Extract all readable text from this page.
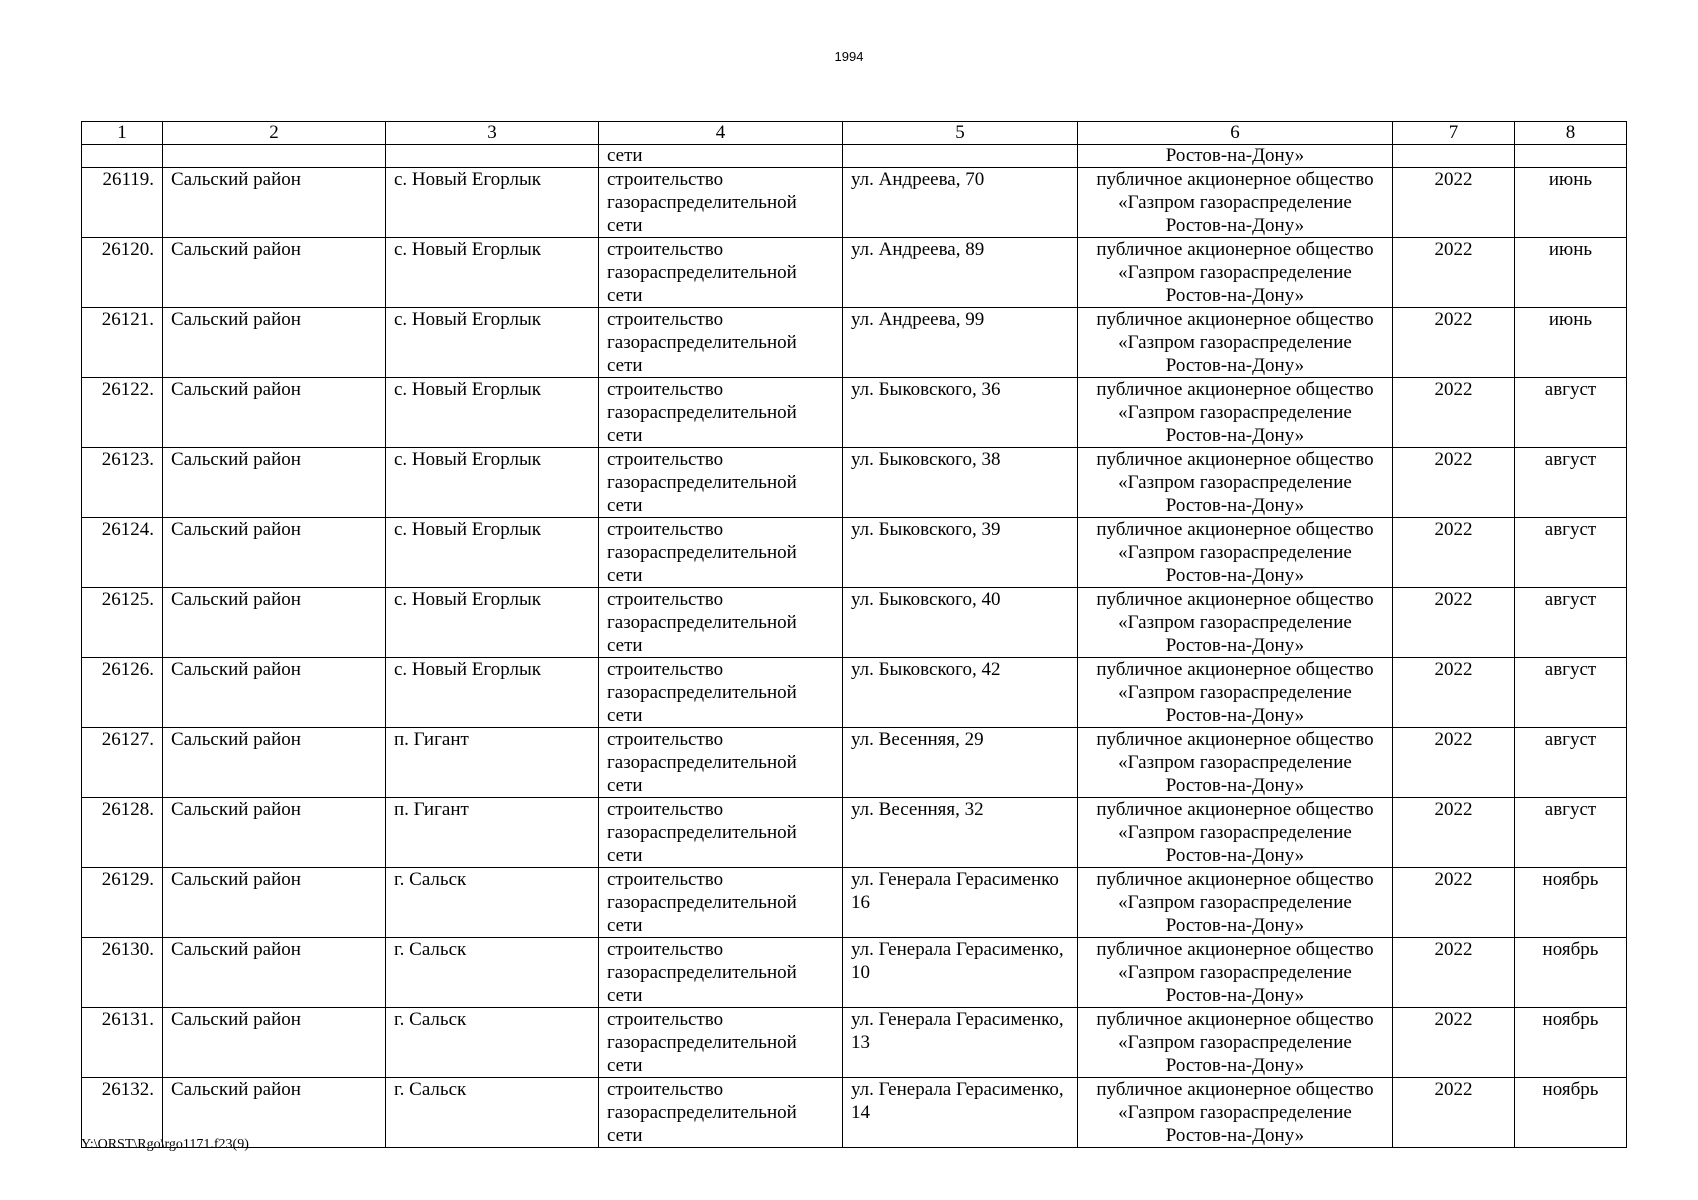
1994
1	2	3	4	5	6	7	8
			сети		Ростов-на-Дону»		
26119.	Сальский район	с. Новый Егорлык	строительство газораспределительной сети	ул. Андреева, 70	публичное акционерное общество «Газпром газораспределение Ростов-на-Дону»	2022	июнь
26120.	Сальский район	с. Новый Егорлык	строительство газораспределительной сети	ул. Андреева, 89	публичное акционерное общество «Газпром газораспределение Ростов-на-Дону»	2022	июнь
26121.	Сальский район	с. Новый Егорлык	строительство газораспределительной сети	ул. Андреева, 99	публичное акционерное общество «Газпром газораспределение Ростов-на-Дону»	2022	июнь
26122.	Сальский район	с. Новый Егорлык	строительство газораспределительной сети	ул. Быковского, 36	публичное акционерное общество «Газпром газораспределение Ростов-на-Дону»	2022	август
26123.	Сальский район	с. Новый Егорлык	строительство газораспределительной сети	ул. Быковского, 38	публичное акционерное общество «Газпром газораспределение Ростов-на-Дону»	2022	август
26124.	Сальский район	с. Новый Егорлык	строительство газораспределительной сети	ул. Быковского, 39	публичное акционерное общество «Газпром газораспределение Ростов-на-Дону»	2022	август
26125.	Сальский район	с. Новый Егорлык	строительство газораспределительной сети	ул. Быковского, 40	публичное акционерное общество «Газпром газораспределение Ростов-на-Дону»	2022	август
26126.	Сальский район	с. Новый Егорлык	строительство газораспределительной сети	ул. Быковского, 42	публичное акционерное общество «Газпром газораспределение Ростов-на-Дону»	2022	август
26127.	Сальский район	п. Гигант	строительство газораспределительной сети	ул. Весенняя, 29	публичное акционерное общество «Газпром газораспределение Ростов-на-Дону»	2022	август
26128.	Сальский район	п. Гигант	строительство газораспределительной сети	ул. Весенняя, 32	публичное акционерное общество «Газпром газораспределение Ростов-на-Дону»	2022	август
26129.	Сальский район	г. Сальск	строительство газораспределительной сети	ул. Генерала Герасименко 16	публичное акционерное общество «Газпром газораспределение Ростов-на-Дону»	2022	ноябрь
26130.	Сальский район	г. Сальск	строительство газораспределительной сети	ул. Генерала Герасименко, 10	публичное акционерное общество «Газпром газораспределение Ростов-на-Дону»	2022	ноябрь
26131.	Сальский район	г. Сальск	строительство газораспределительной сети	ул. Генерала Герасименко, 13	публичное акционерное общество «Газпром газораспределение Ростов-на-Дону»	2022	ноябрь
26132.	Сальский район	г. Сальск	строительство газораспределительной сети	ул. Генерала Герасименко, 14	публичное акционерное общество «Газпром газораспределение Ростов-на-Дону»	2022	ноябрь
Y:\ORST\Rgo\rgo1171.f23(9)
